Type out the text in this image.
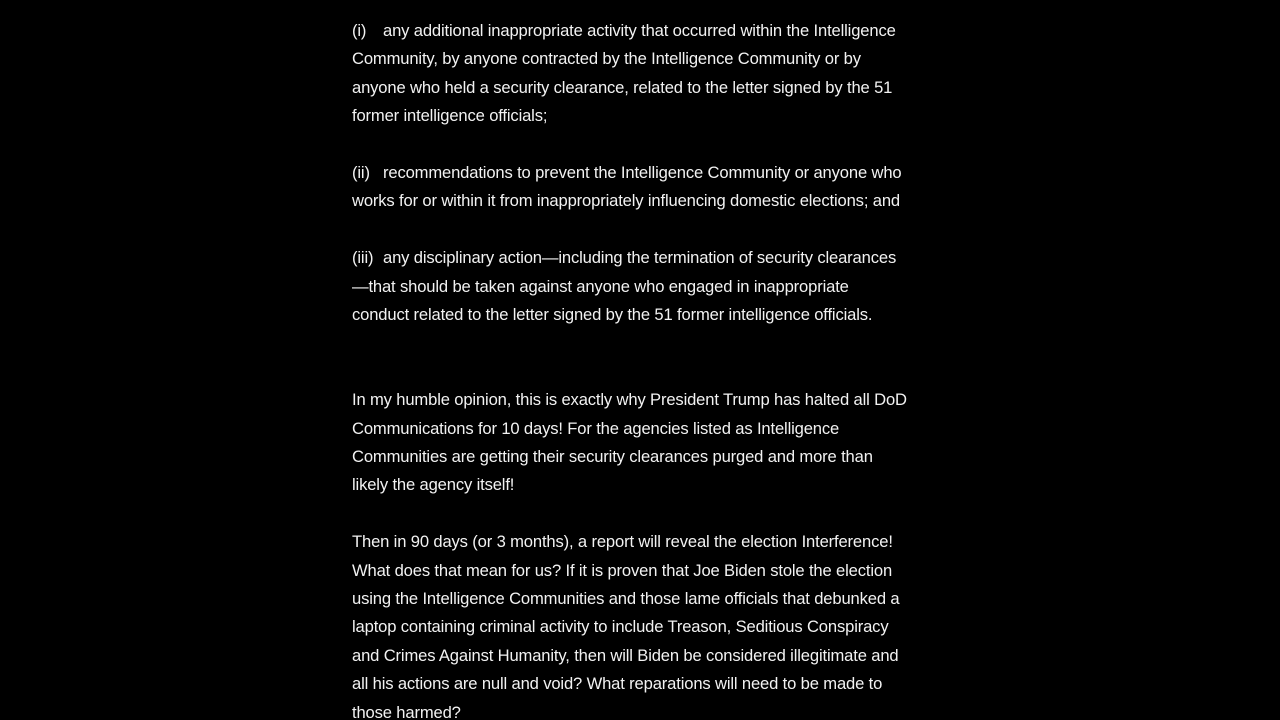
(i) any additional inappropriate activity that occurred within the Intelligence
Community, by anyone contracted by the Intelligence Community or by
anyone who held a security clearance, related to the letter signed by the 51
former intelligence officials;
(ii) recommendations to prevent the Intelligence Community or anyone who
works for or within it from inappropriately influencing domestic elections; and
(iii) any disciplinary action—including the termination of security clearances
—that should be taken against anyone who engaged in inappropriate
conduct related to the letter signed by the 51 former intelligence officials.
In my humble opinion, this is exactly why President Trump has halted all DoD
Communications for 10 days! For the agencies listed as Intelligence
Communities are getting their security clearances purged and more than
likely the agency itself!
Then in 90 days (or 3 months), a report will reveal the election Interference!
What does that mean for us? If it is proven that Joe Biden stole the election
using the Intelligence Communities and those lame officials that debunked a
laptop containing criminal activity to include Treason, Seditious Conspiracy
and Crimes Against Humanity, then will Biden be considered illegitimate and
all his actions are null and void? What reparations will need to be made to
those harmed?
